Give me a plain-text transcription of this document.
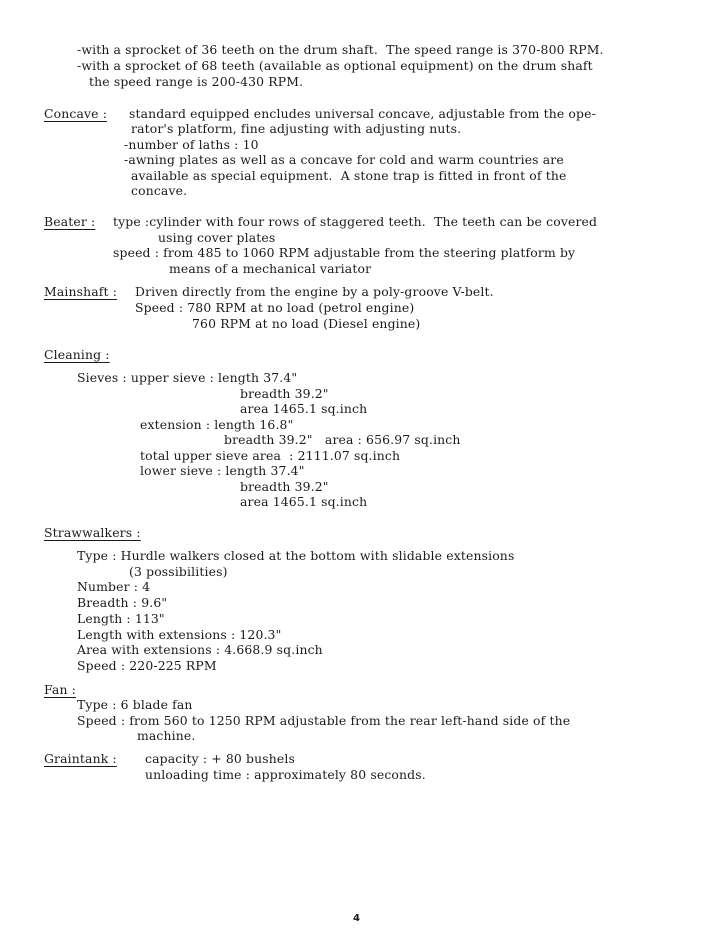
-with a sprocket of 36 teeth on the drum shaft.  The speed range is 370-800 RPM.
-with a sprocket of 68 teeth (available as optional equipment) on the drum shaft
the speed range is 200-430 RPM.
Concave : standard equipped encludes universal concave, adjustable from the ope-
rator's platform, fine adjusting with adjusting nuts.
-number of laths : 10
-awning plates as well as a concave for cold and warm countries are
available as special equipment.  A stone trap is fitted in front of the
concave.
Beater : type :cylinder with four rows of staggered teeth.  The teeth can be covered
using cover plates
speed : from 485 to 1060 RPM adjustable from the steering platform by
means of a mechanical variator
Mainshaft : Driven directly from the engine by a poly-groove V-belt.
Speed : 780 RPM at no load (petrol engine)
760 RPM at no load (Diesel engine)
Cleaning :
Sieves : upper sieve : length 37.4"
breadth 39.2"
area 1465.1 sq.inch
extension : length 16.8"
breadth 39.2"   area : 656.97 sq.inch
total upper sieve area  : 2111.07 sq.inch
lower sieve : length 37.4"
breadth 39.2"
area 1465.1 sq.inch
Strawwalkers :
Type : Hurdle walkers closed at the bottom with slidable extensions
(3 possibilities)
Number : 4
Breadth : 9.6"
Length : 113"
Length with extensions : 120.3"
Area with extensions : 4.668.9 sq.inch
Speed : 220-225 RPM
Fan :
Type : 6 blade fan
Speed : from 560 to 1250 RPM adjustable from the rear left-hand side of the
machine.
Graintank : capacity : + 80 bushels
unloading time : approximately 80 seconds.
4
